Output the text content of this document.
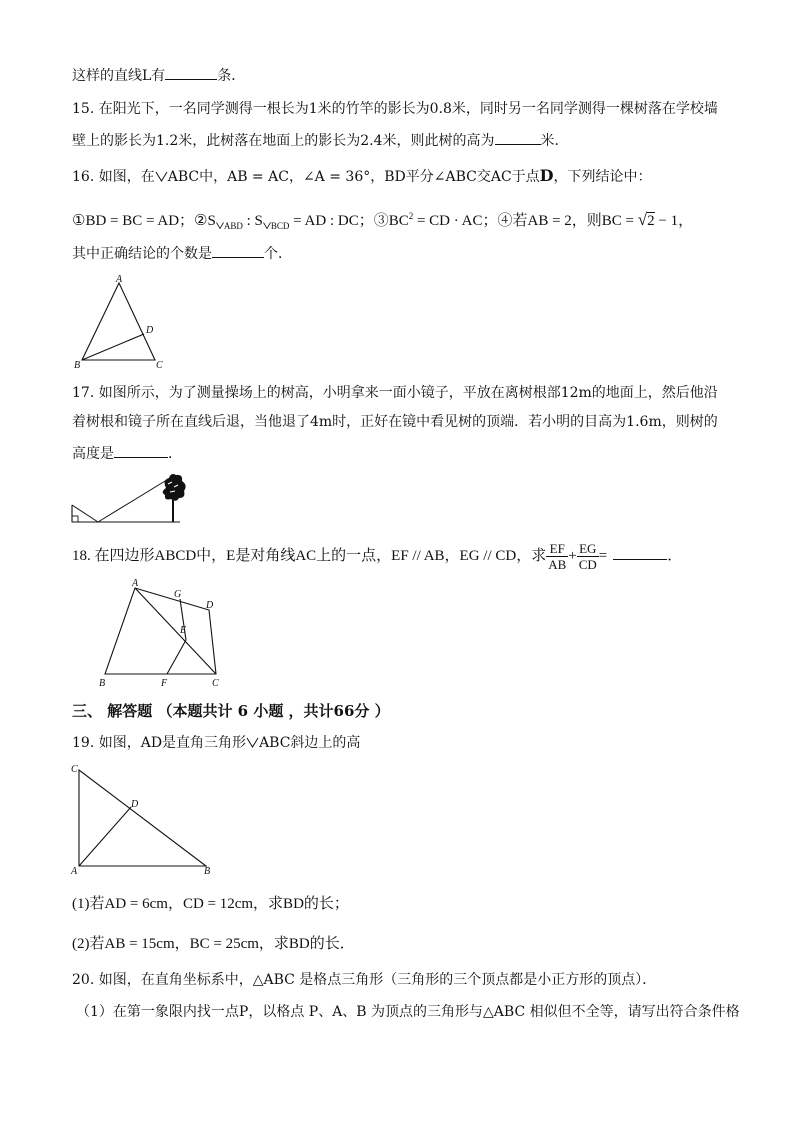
这样的直线L有	条．
15. 在阳光下，一名同学测得一根长为1米的竹竿的影长为0.8米，同时另一名同学测得一棵树落在学校墙
壁上的影长为1.2米，此树落在地面上的影长为2.4米，则此树的高为	米．
16. 如图，在 ABC中，AB = AC，∠A = 36°，BD平分∠ABC交AC于点D，下列结论中：
①BD = BC = AD；②S $_{ABD}$ : S $_{BCD}$ = AD : DC；$③BC^2$ = CD · AC；④若AB = 2，则BC = √2 − 1，
其中正确结论的个数是	个．
A
B	C
D
17. 如图所示，为了测量操场上的树高，小明拿来一面小镜子，平放在离树根部12m的地面上，然后他沿
着树根和镜子所在直线后退，当他退了4m时，正好在镜中看见树的顶端．若小明的目高为1.6m，则树的
高度是	．
18. 在四边形ABCD中，E是对角线AC上的一点，EF // AB，EG // CD，求 $\frac{EF}{AB} + \frac{EG}{CD}$ =	．
A
G
D
E
B	F	C
三、 解答题 （本题共计 6 小题 ，共计66分 ）
19. 如图，AD是直角三角形 ABC斜边上的高
C
D
A	B
(1)若AD = 6cm，CD = 12cm，求BD的长；
(2)若AB = 15cm，BC = 25cm，求BD的长．
20. 如图，在直角坐标系中，△ABC 是格点三角形（三角形的三个顶点都是小正方形的顶点）．
（1）在第一象限内找一点P，以格点 P、A、B 为顶点的三角形与△ABC 相似但不全等，请写出符合条件格
